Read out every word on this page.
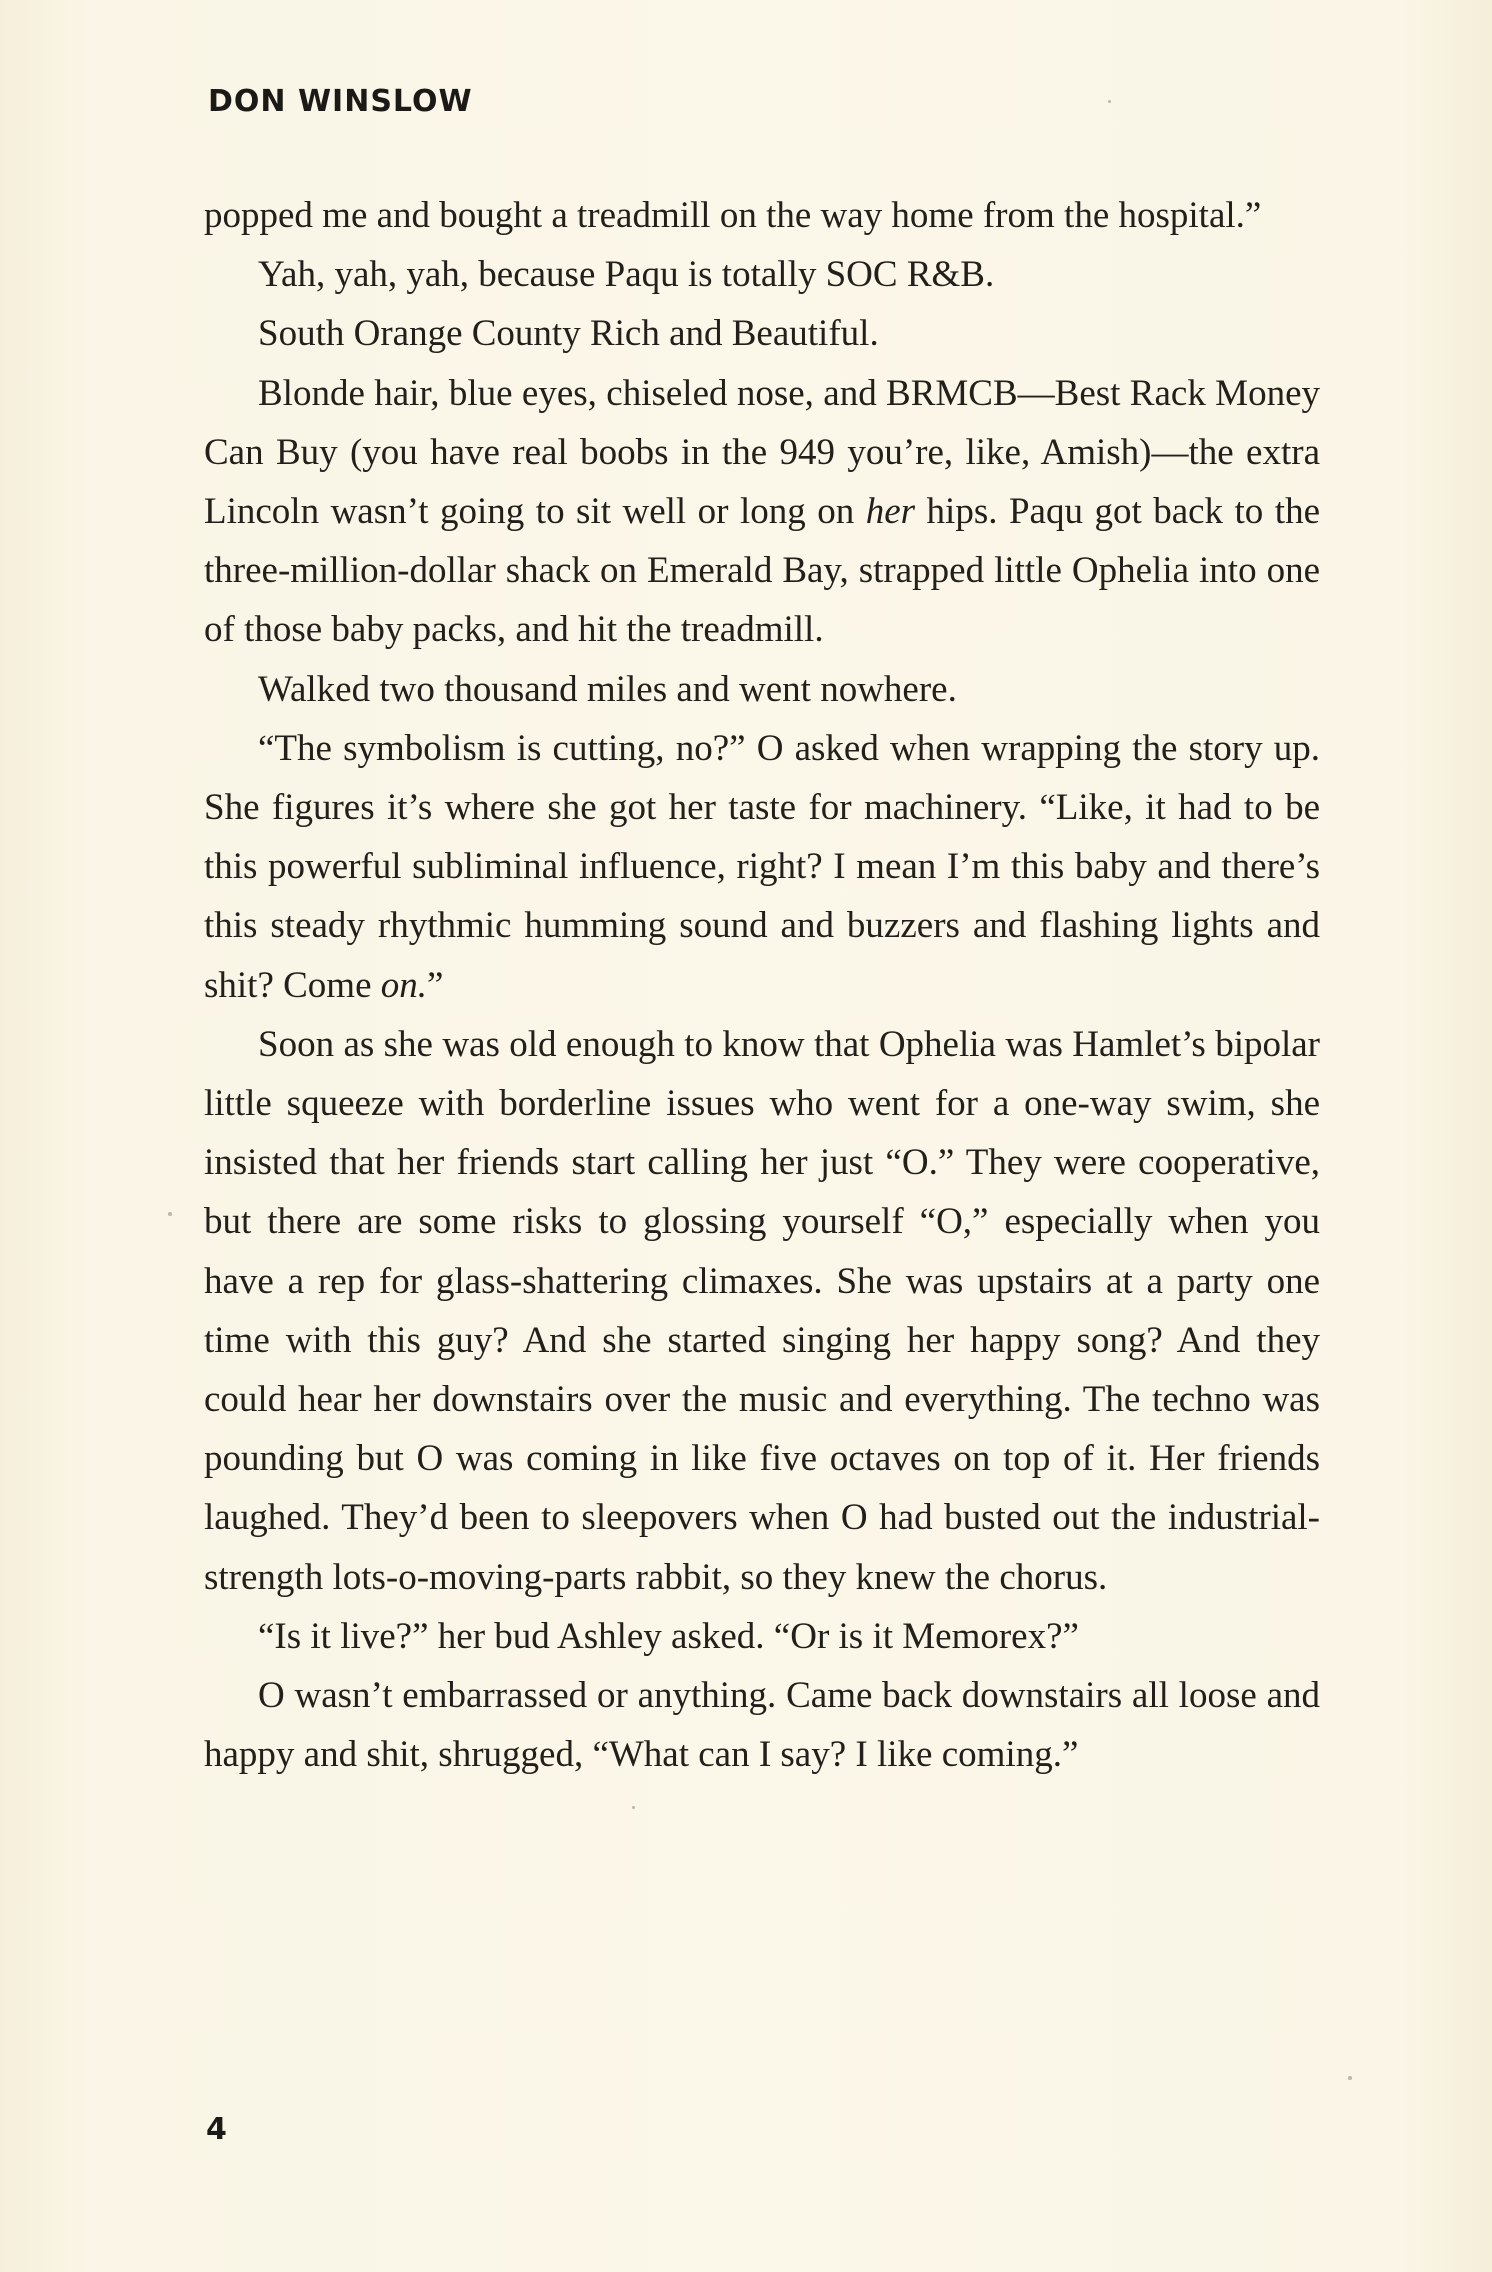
DON WINSLOW

popped me and bought a treadmill on the way home from the hospital.”

Yah, yah, yah, because Paqu is totally SOC R&B.

South Orange County Rich and Beautiful.

Blonde hair, blue eyes, chiseled nose, and BRMCB—Best Rack Money Can Buy (you have real boobs in the 949 you’re, like, Amish)—the extra Lincoln wasn’t going to sit well or long on her hips. Paqu got back to the three-million-dollar shack on Emerald Bay, strapped little Ophelia into one of those baby packs, and hit the treadmill.

Walked two thousand miles and went nowhere.

“The symbolism is cutting, no?” O asked when wrapping the story up. She figures it’s where she got her taste for machinery. “Like, it had to be this powerful subliminal influence, right? I mean I’m this baby and there’s this steady rhythmic humming sound and buzzers and flashing lights and shit? Come on.”

Soon as she was old enough to know that Ophelia was Hamlet’s bipolar little squeeze with borderline issues who went for a one-way swim, she insisted that her friends start calling her just “O.” They were cooperative, but there are some risks to glossing yourself “O,” especially when you have a rep for glass-shattering climaxes. She was upstairs at a party one time with this guy? And she started singing her happy song? And they could hear her downstairs over the music and everything. The techno was pounding but O was coming in like five octaves on top of it. Her friends laughed. They’d been to sleepovers when O had busted out the industrial-strength lots-o-moving-parts rabbit, so they knew the chorus.

“Is it live?” her bud Ashley asked. “Or is it Memorex?”

O wasn’t embarrassed or anything. Came back downstairs all loose and happy and shit, shrugged, “What can I say? I like coming.”

4
